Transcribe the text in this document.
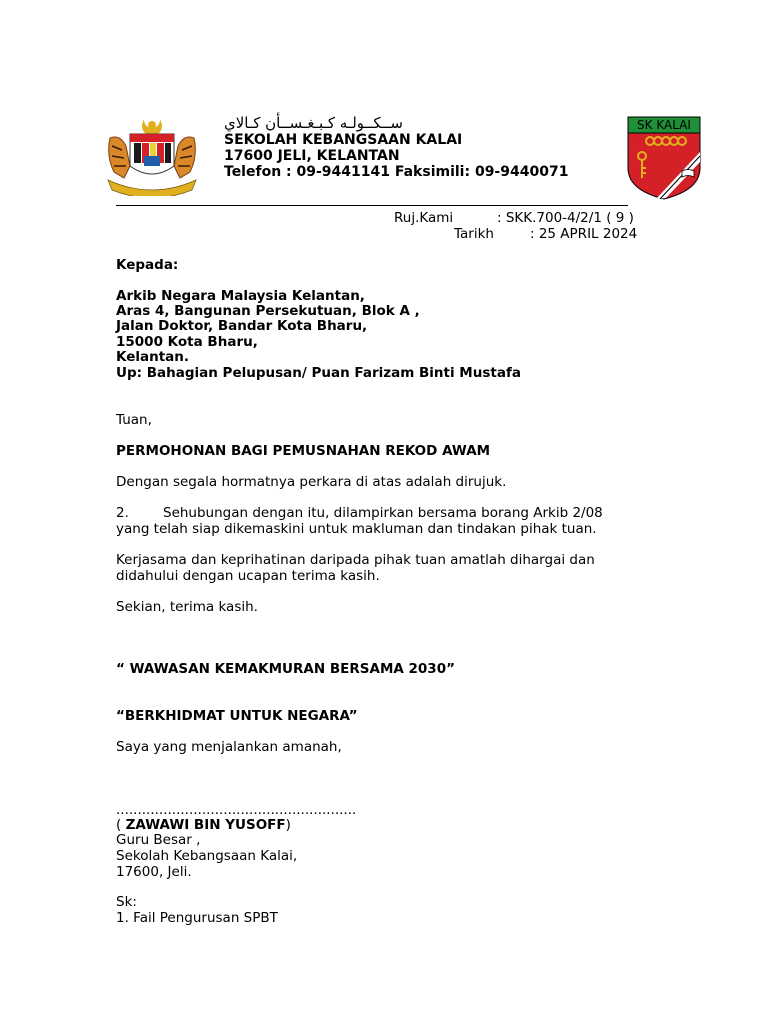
SK KALAI
ســكــولـه كـبـغـســأن كـالاي
SEKOLAH KEBANGSAAN KALAI
17600 JELI, KELANTAN
Telefon : 09-9441141 Faksimili: 09-9440071
Ruj.Kami	: SKK.700-4/2/1 ( 9 )
Tarikh	: 25 APRIL 2024
Kepada:
Arkib Negara Malaysia Kelantan,
Aras 4, Bangunan Persekutuan, Blok A ,
Jalan Doktor, Bandar Kota Bharu,
15000 Kota Bharu,
Kelantan.
Up: Bahagian Pelupusan/ Puan Farizam Binti Mustafa
Tuan,
PERMOHONAN BAGI PEMUSNAHAN REKOD AWAM
Dengan segala hormatnya perkara di atas adalah dirujuk.
2.	Sehubungan dengan itu, dilampirkan bersama borang Arkib 2/08
yang telah siap dikemaskini untuk makluman dan tindakan pihak tuan.
Kerjasama dan keprihatinan daripada pihak tuan amatlah dihargai dan
didahului dengan ucapan terima kasih.
Sekian, terima kasih.
“ WAWASAN KEMAKMURAN BERSAMA 2030”
“BERKHIDMAT UNTUK NEGARA”
Saya yang menjalankan amanah,
........................................................
( ZAWAWI BIN YUSOFF)
Guru Besar ,
Sekolah Kebangsaan Kalai,
17600, Jeli.
Sk:
1. Fail Pengurusan SPBT
